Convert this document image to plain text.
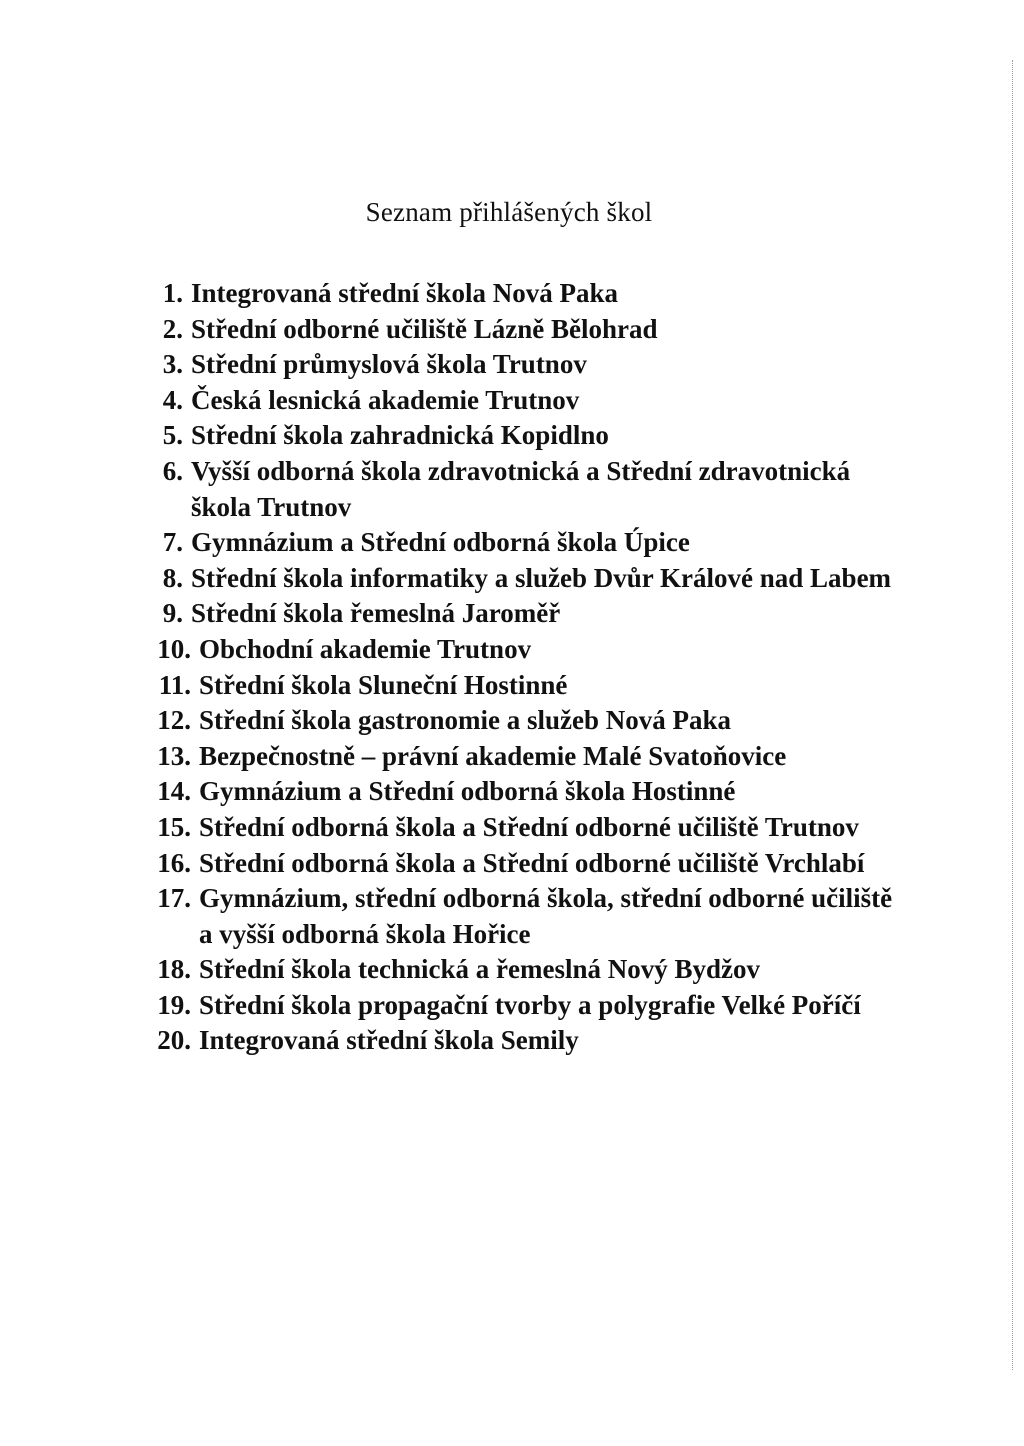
Seznam přihlášených škol
1. Integrovaná střední škola Nová Paka
2. Střední odborné učiliště Lázně Bělohrad
3. Střední průmyslová škola Trutnov
4. Česká lesnická akademie Trutnov
5. Střední škola zahradnická Kopidlno
6. Vyšší odborná škola zdravotnická a Střední zdravotnická škola Trutnov
7. Gymnázium a Střední odborná škola Úpice
8. Střední škola informatiky a služeb Dvůr Králové nad Labem
9. Střední škola řemeslná Jaroměř
10. Obchodní akademie Trutnov
11. Střední škola Sluneční Hostinné
12. Střední škola gastronomie a služeb Nová Paka
13. Bezpečnostně – právní akademie Malé Svatoňovice
14. Gymnázium a Střední odborná škola Hostinné
15. Střední odborná škola a Střední odborné učiliště Trutnov
16. Střední odborná škola a Střední odborné učiliště Vrchlabí
17. Gymnázium, střední odborná škola, střední odborné učiliště a vyšší odborná škola Hořice
18. Střední škola technická a řemeslná Nový Bydžov
19. Střední škola propagační tvorby a polygrafie Velké Poříčí
20. Integrovaná střední škola Semily
